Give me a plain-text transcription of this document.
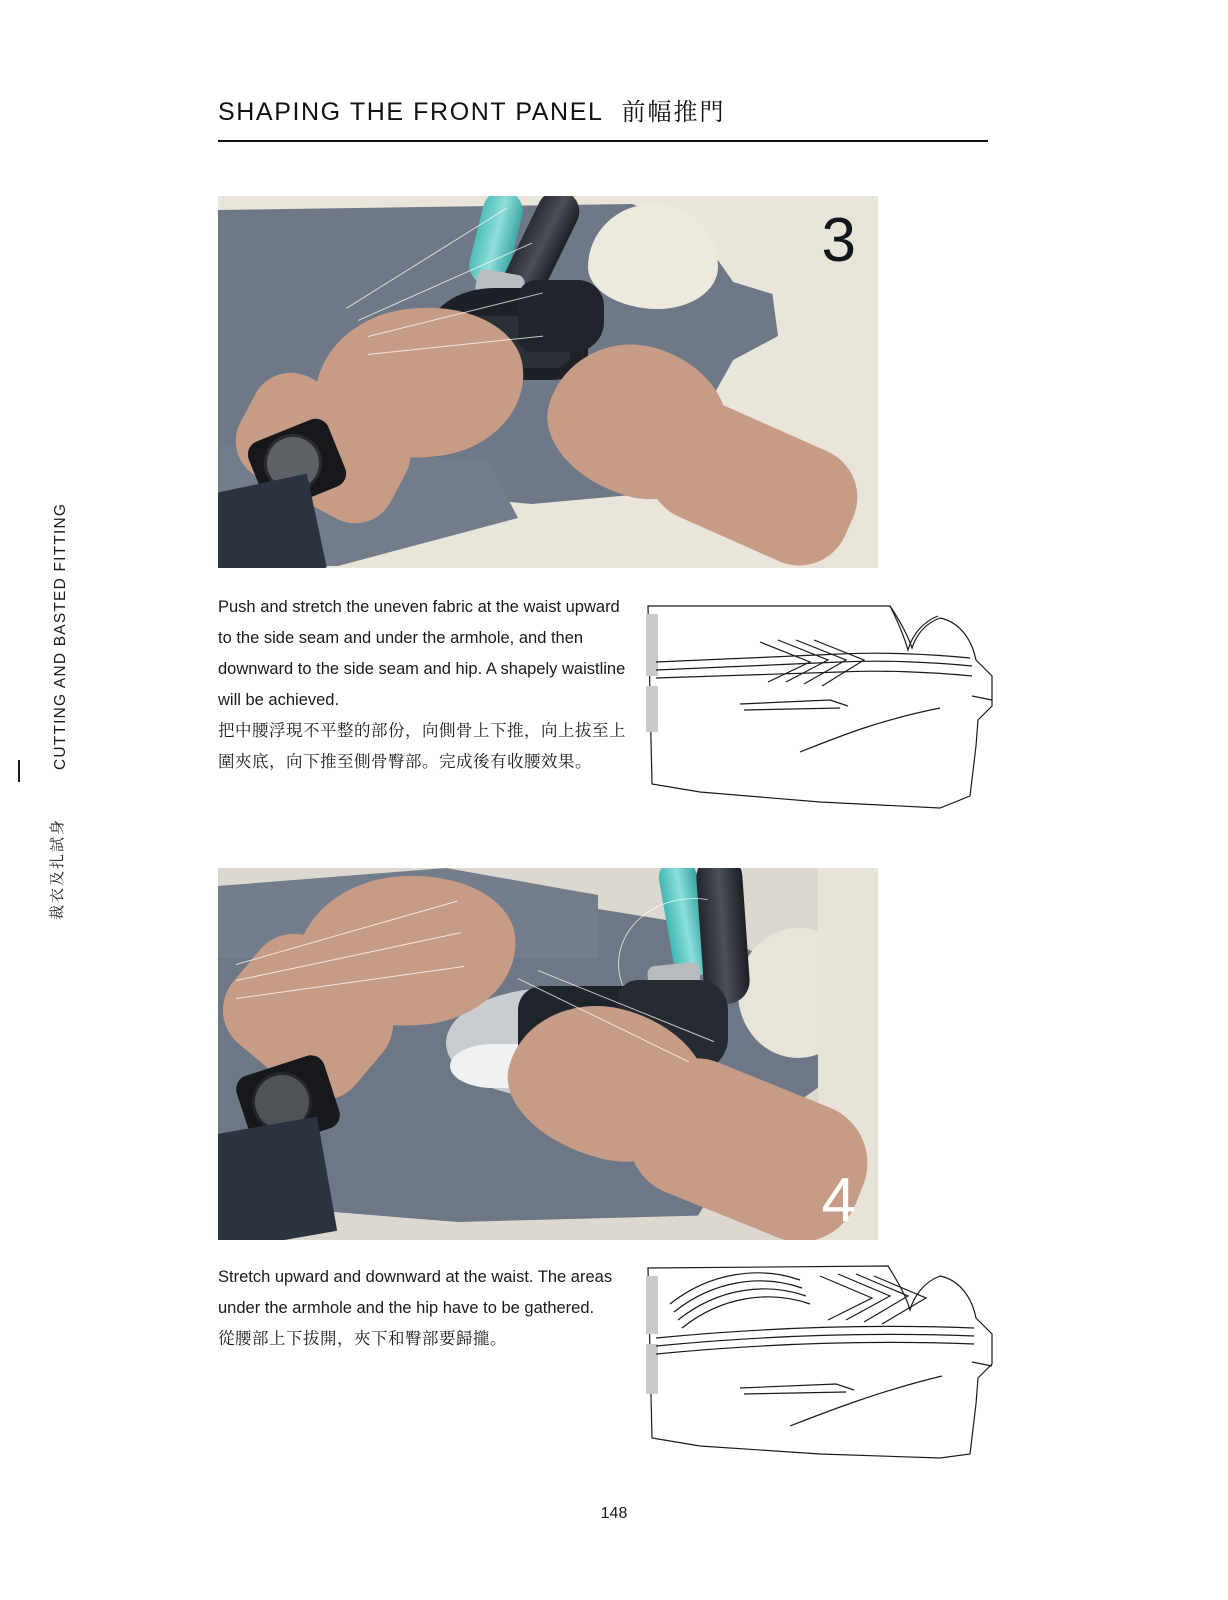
CUTTING AND BASTED FITTING
裁衣及扎試身
SHAPING THE FRONT PANEL 前幅推門
3
Push and stretch the uneven fabric at the waist upward to the side seam and under the armhole, and then downward to the side seam and hip. A shapely waistline will be achieved.
把中腰浮現不平整的部份，向側骨上下推，向上拔至上圍夾底，向下推至側骨臀部。完成後有收腰效果。
4
Stretch upward and downward at the waist. The areas under the armhole and the hip have to be gathered.
從腰部上下拔開，夾下和臀部要歸攏。
148
